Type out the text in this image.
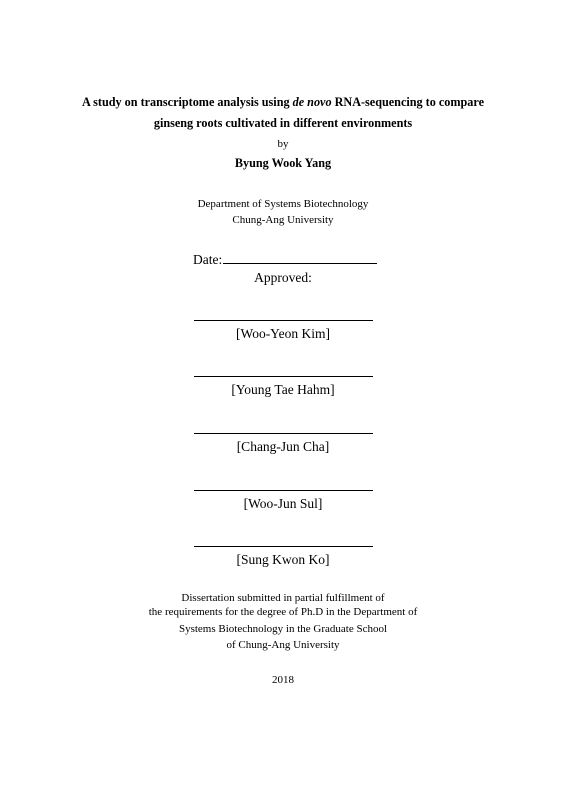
A study on transcriptome analysis using de novo RNA-sequencing to compare
ginseng roots cultivated in different environments
by
Byung Wook Yang
Department of Systems Biotechnology
Chung-Ang University
Date:
Approved:
[Woo-Yeon Kim]
[Young Tae Hahm]
[Chang-Jun Cha]
[Woo-Jun Sul]
[Sung Kwon Ko]
Dissertation submitted in partial fulfillment of
the requirements for the degree of Ph.D in the Department of
Systems Biotechnology in the Graduate School
of Chung-Ang University
2018
